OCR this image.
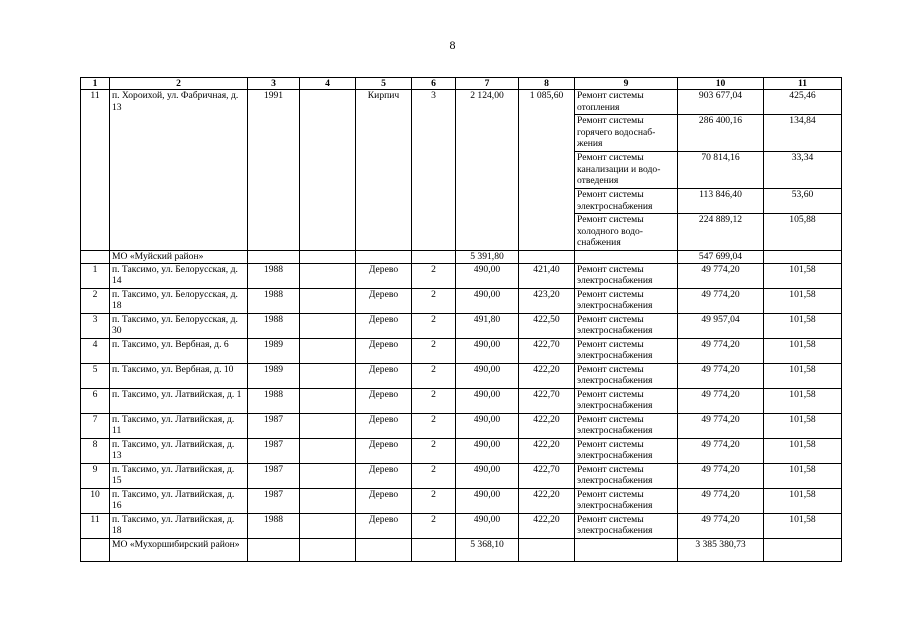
8
1	2	3	4	5	6	7	8	9	10	11
11	п. Хороихой, ул. Фабричная, д. 13	1991		Кирпич	3	2 124,00	1 085,60	Ремонт системы отопления	903 677,04	425,46
								Ремонт системы горячего водоснаб-жения	286 400,16	134,84
								Ремонт системы канализации и водо-отведения	70 814,16	33,34
								Ремонт системы электроснабжения	113 846,40	53,60
								Ремонт системы холодного водо-снабжения	224 889,12	105,88
	МО «Муйский район»					5 391,80			547 699,04	
1	п. Таксимо, ул. Белорусская, д. 14	1988		Дерево	2	490,00	421,40	Ремонт системы электроснабжения	49 774,20	101,58
2	п. Таксимо, ул. Белорусская, д. 18	1988		Дерево	2	490,00	423,20	Ремонт системы электроснабжения	49 774,20	101,58
3	п. Таксимо, ул. Белорусская, д. 30	1988		Дерево	2	491,80	422,50	Ремонт системы электроснабжения	49 957,04	101,58
4	п. Таксимо, ул. Вербная, д. 6	1989		Дерево	2	490,00	422,70	Ремонт системы электроснабжения	49 774,20	101,58
5	п. Таксимо, ул. Вербная, д. 10	1989		Дерево	2	490,00	422,20	Ремонт системы электроснабжения	49 774,20	101,58
6	п. Таксимо, ул. Латвийская, д. 1	1988		Дерево	2	490,00	422,70	Ремонт системы электроснабжения	49 774,20	101,58
7	п. Таксимо, ул. Латвийская, д. 11	1987		Дерево	2	490,00	422,20	Ремонт системы электроснабжения	49 774,20	101,58
8	п. Таксимо, ул. Латвийская, д. 13	1987		Дерево	2	490,00	422,20	Ремонт системы электроснабжения	49 774,20	101,58
9	п. Таксимо, ул. Латвийская, д. 15	1987		Дерево	2	490,00	422,70	Ремонт системы электроснабжения	49 774,20	101,58
10	п. Таксимо, ул. Латвийская, д. 16	1987		Дерево	2	490,00	422,20	Ремонт системы электроснабжения	49 774,20	101,58
11	п. Таксимо, ул. Латвийская, д. 18	1988		Дерево	2	490,00	422,20	Ремонт системы электроснабжения	49 774,20	101,58
	МО «Мухоршибирский район»					5 368,10			3 385 380,73	
